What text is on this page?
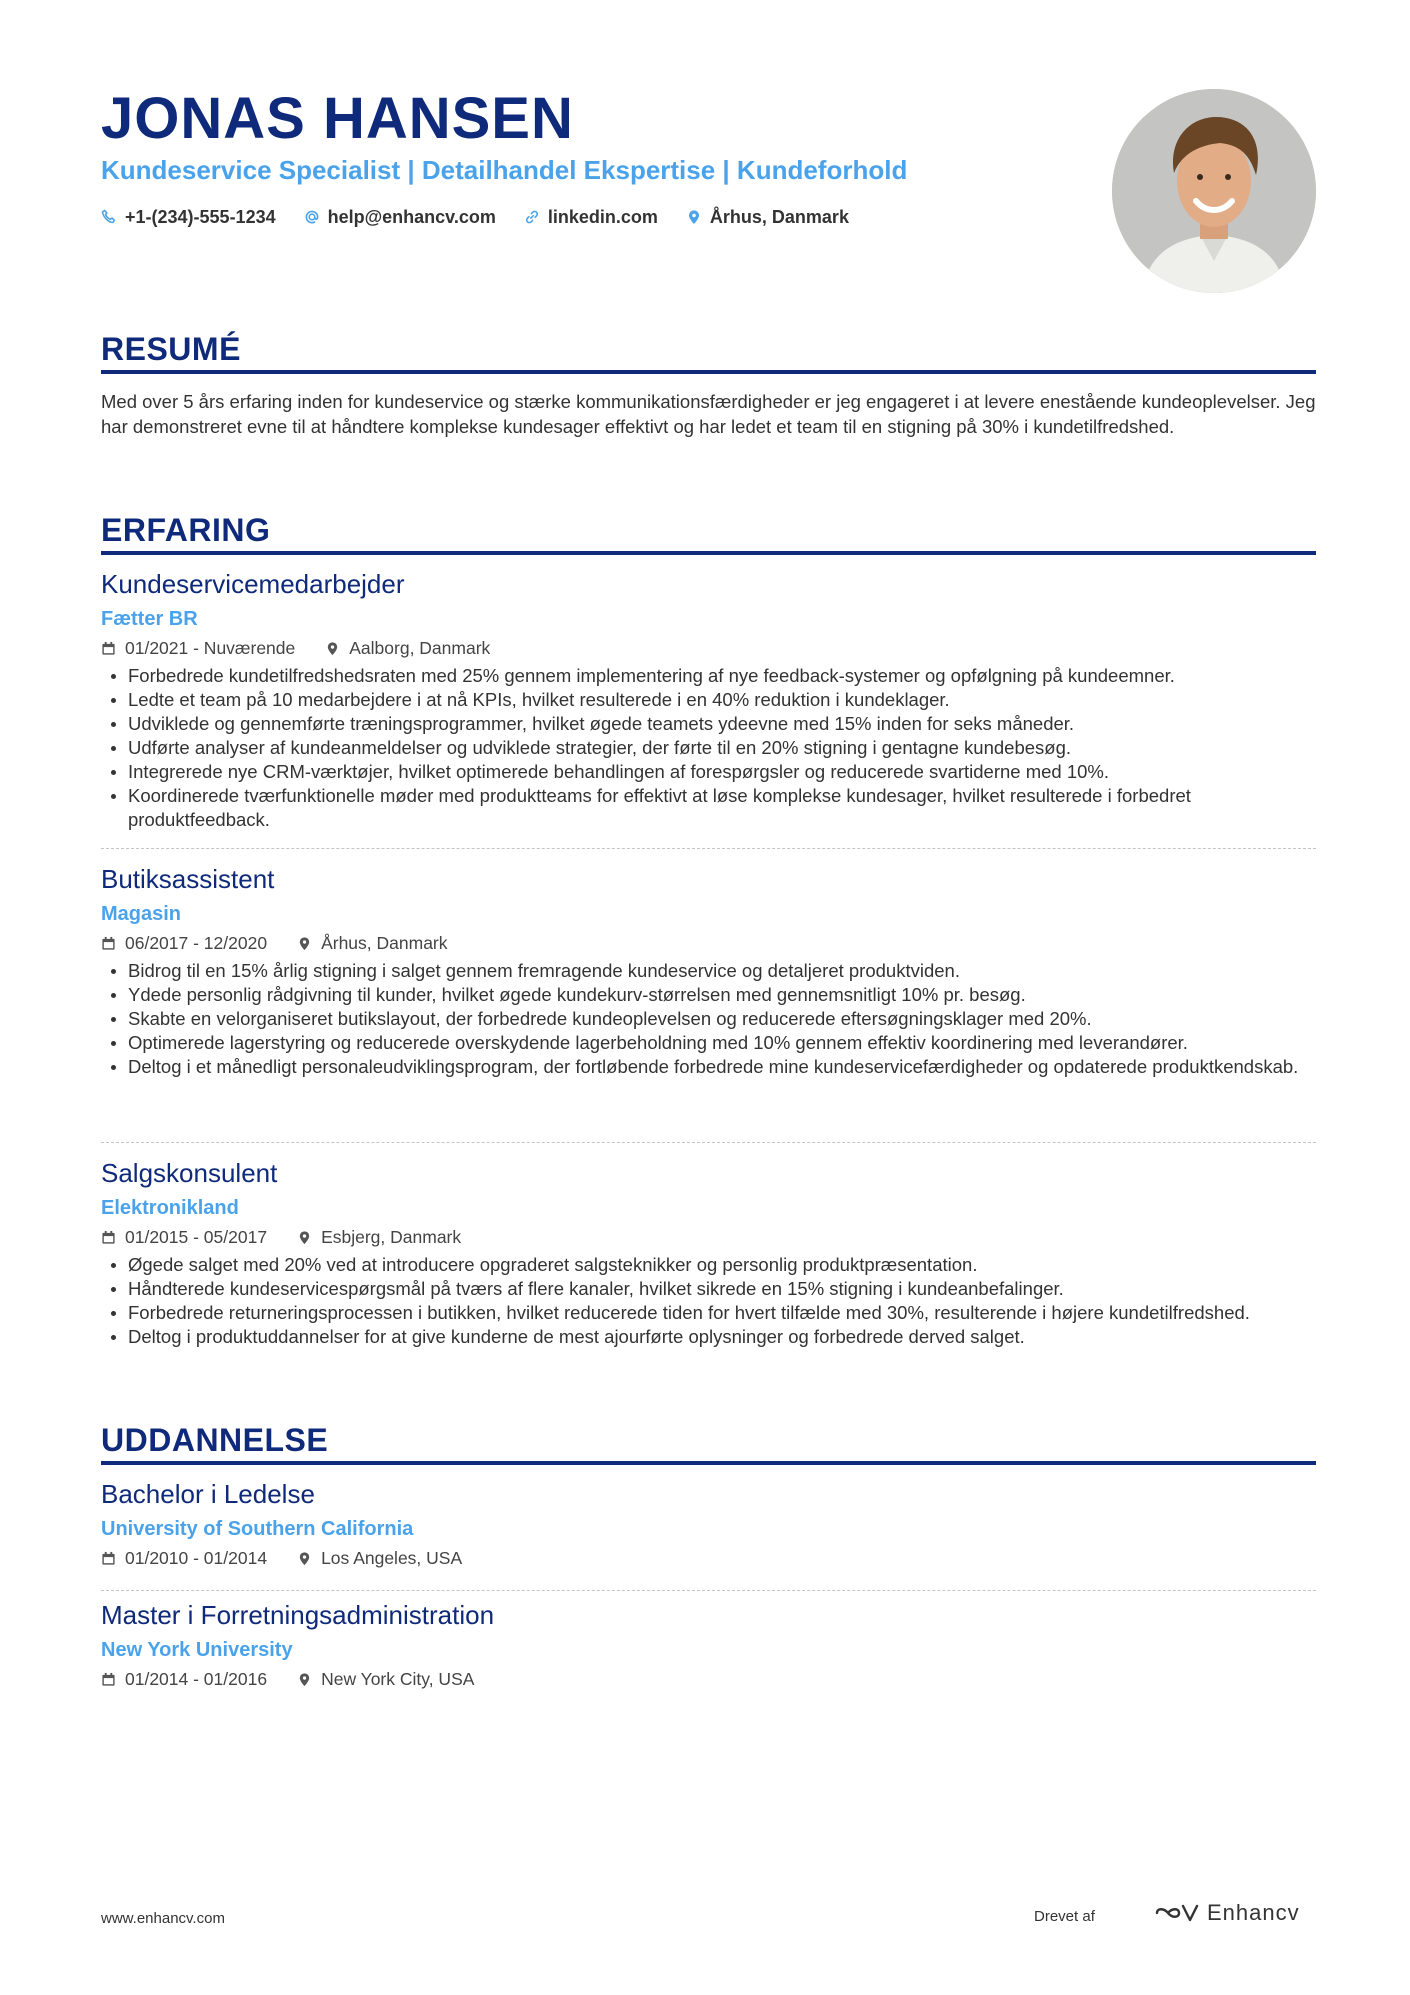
JONAS HANSEN
Kundeservice Specialist | Detailhandel Ekspertise | Kundeforhold
+1-(234)-555-1234	help@enhancv.com	linkedin.com	Århus, Danmark
RESUMÉ

Med over 5 års erfaring inden for kundeservice og stærke kommunikationsfærdigheder er jeg engageret i at levere enestående kundeoplevelser. Jeg har demonstreret evne til at håndtere komplekse kundesager effektivt og har ledet et team til en stigning på 30% i kundetilfredshed.

ERFARING
Kundeservicemedarbejder
Fætter BR
01/2021 - Nuværende	Aalborg, Danmark
Forbedrede kundetilfredshedsraten med 25% gennem implementering af nye feedback-systemer og opfølgning på kundeemner.
Ledte et team på 10 medarbejdere i at nå KPIs, hvilket resulterede i en 40% reduktion i kundeklager.
Udviklede og gennemførte træningsprogrammer, hvilket øgede teamets ydeevne med 15% inden for seks måneder.
Udførte analyser af kundeanmeldelser og udviklede strategier, der førte til en 20% stigning i gentagne kundebesøg.
Integrerede nye CRM-værktøjer, hvilket optimerede behandlingen af forespørgsler og reducerede svartiderne med 10%.
Koordinerede tværfunktionelle møder med produktteams for effektivt at løse komplekse kundesager, hvilket resulterede i forbedret produktfeedback.
Butiksassistent
Magasin
06/2017 - 12/2020	Århus, Danmark
Bidrog til en 15% årlig stigning i salget gennem fremragende kundeservice og detaljeret produktviden.
Ydede personlig rådgivning til kunder, hvilket øgede kundekurv-størrelsen med gennemsnitligt 10% pr. besøg.
Skabte en velorganiseret butikslayout, der forbedrede kundeoplevelsen og reducerede eftersøgningsklager med 20%.
Optimerede lagerstyring og reducerede overskydende lagerbeholdning med 10% gennem effektiv koordinering med leverandører.
Deltog i et månedligt personaleudviklingsprogram, der fortløbende forbedrede mine kundeservicefærdigheder og opdaterede produktkendskab.
Salgskonsulent
Elektronikland
01/2015 - 05/2017	Esbjerg, Danmark
Øgede salget med 20% ved at introducere opgraderet salgsteknikker og personlig produktpræsentation.
Håndterede kundeservicespørgsmål på tværs af flere kanaler, hvilket sikrede en 15% stigning i kundeanbefalinger.
Forbedrede returneringsprocessen i butikken, hvilket reducerede tiden for hvert tilfælde med 30%, resulterende i højere kundetilfredshed.
Deltog i produktuddannelser for at give kunderne de mest ajourførte oplysninger og forbedrede derved salget.
UDDANNELSE
Bachelor i Ledelse
University of Southern California
01/2010 - 01/2014	Los Angeles, USA
Master i Forretningsadministration
New York University
01/2014 - 01/2016	New York City, USA
www.enhancv.com	Drevet af	Enhancv
